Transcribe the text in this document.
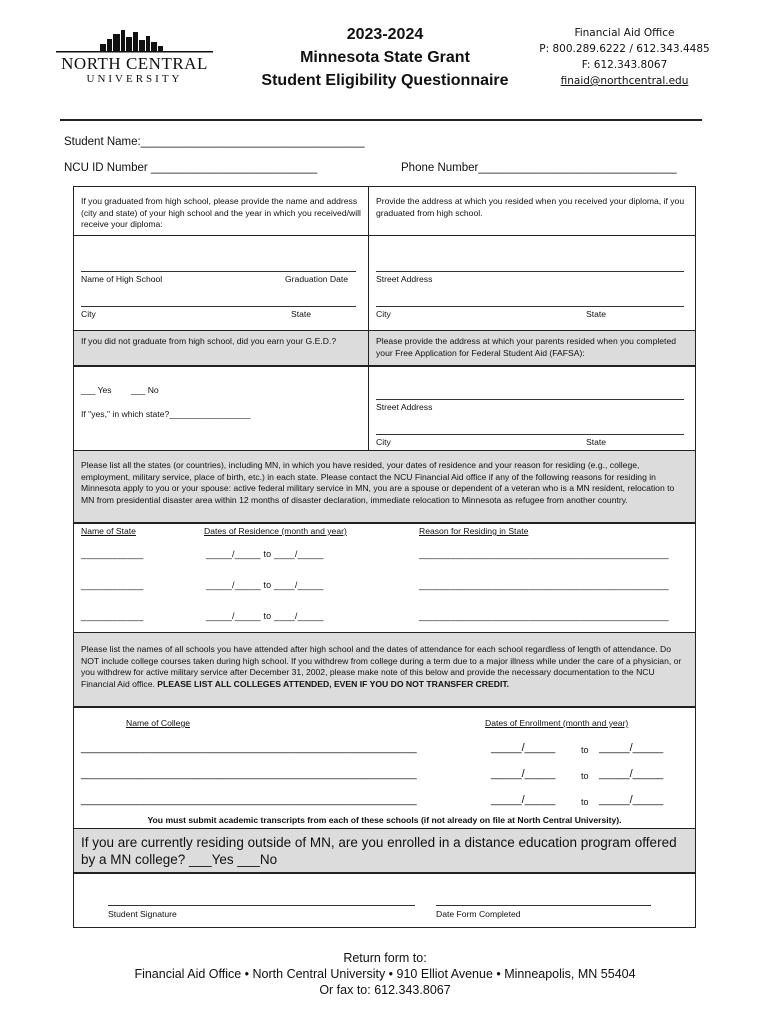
NORTH CENTRAL
UNIVERSITY
2023-2024
Minnesota State Grant
Student Eligibility Questionnaire
Financial Aid Office
P: 800.289.6222 / 612.343.4485
F: 612.343.8067
finaid@northcentral.edu
Student Name:___________________________________
NCU ID Number __________________________	Phone Number_______________________________
If you graduated from high school, please provide the name and address (city and state) of your high school and the year in which you received/will receive your diploma:
Provide the address at which you resided when you received your diploma, if you graduated from high school.
Name of High School	Graduation Date
City	State
Street Address
City	State
If you did not graduate from high school, did you earn your G.E.D.?	Please provide the address at which your parents resided when you completed your Free Application for Federal Student Aid (FAFSA):
___ Yes ___ No
If "yes," in which state?_________________
Street Address
City	State
Please list all the states (or countries), including MN, in which you have resided, your dates of residence and your reason for residing (e.g., college, employment, military service, place of birth, etc.) in each state. Please contact the NCU Financial Aid office if any of the following reasons for residing in Minnesota apply to you or your spouse: active federal military service in MN, you are a spouse or dependent of a veteran who is a MN resident, relocation to MN from presidential disaster area within 12 months of disaster declaration, immediate relocation to Minnesota as refugee from another country.
Name of State	Dates of Residence (month and year)	Reason for Residing in State
____________	_____/_____ to ____/_____	________________________________________________
____________	_____/_____ to ____/_____	________________________________________________
____________	_____/_____ to ____/_____	________________________________________________
Please list the names of all schools you have attended after high school and the dates of attendance for each school regardless of length of attendance. Do NOT include college courses taken during high school. If you withdrew from college during a term due to a major illness while under the care of a physician, or you withdrew for active military service after December 31, 2002, please make note of this below and provide the necessary documentation to the NCU Financial Aid office. PLEASE LIST ALL COLLEGES ATTENDED, EVEN IF YOU DO NOT TRANSFER CREDIT.
Name of College	Dates of Enrollment (month and year)
______________________________________________________	_____/_____	to _____/_____
______________________________________________________	_____/_____	to _____/_____
______________________________________________________	_____/_____	to _____/_____
You must submit academic transcripts from each of these schools (if not already on file at North Central University).
If you are currently residing outside of MN, are you enrolled in a distance education program offered by a MN college? ___Yes ___No
Student Signature	Date Form Completed
Return form to:
Financial Aid Office • North Central University • 910 Elliot Avenue • Minneapolis, MN 55404
Or fax to: 612.343.8067
